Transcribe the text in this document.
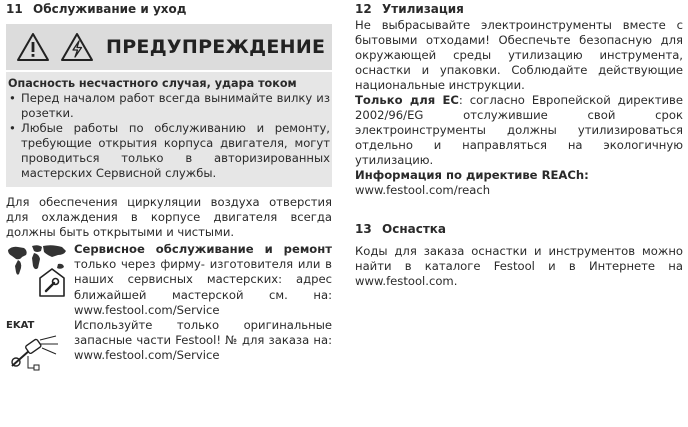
11 Обслуживание и уход
ПРЕДУПРЕЖДЕНИЕ
Опасность несчастного случая, удара током
• Перед началом работ всегда вынимайте вилку из розетки.
• Любые работы по обслуживанию и ремонту, требующие открытия корпуса двигателя, могут проводиться только в авторизированных мастерских Сервисной службы.
Для обеспечения циркуляции воздуха отверстия для охлаждения в корпусе двигателя всегда должны быть открытыми и чистыми.
Сервисное обслуживание и ремонт только через фирму- изготовителя или в наших сервисных мастерских: адрес ближайшей мастерской см. на: www.festool.com/Service
EKAT	Используйте только оригинальные запасные части Festool! № для заказа на: www.festool.com/Service
12 Утилизация
Не выбрасывайте электроинструменты вместе с бытовыми отходами! Обеспечьте безопасную для окружающей среды утилизацию инструмента, оснастки и упаковки. Соблюдайте действующие национальные инструкции.
Только для ЕС: согласно Европейской директиве 2002/96/EG отслужившие свой срок электроинструменты должны утилизироваться отдельно и направляться на экологичную утилизацию.
Информация по директиве REACh:
www.festool.com/reach
13 Оснастка
Коды для заказа оснастки и инструментов можно найти в каталоге Festool и в Интернете на www.festool.com.
